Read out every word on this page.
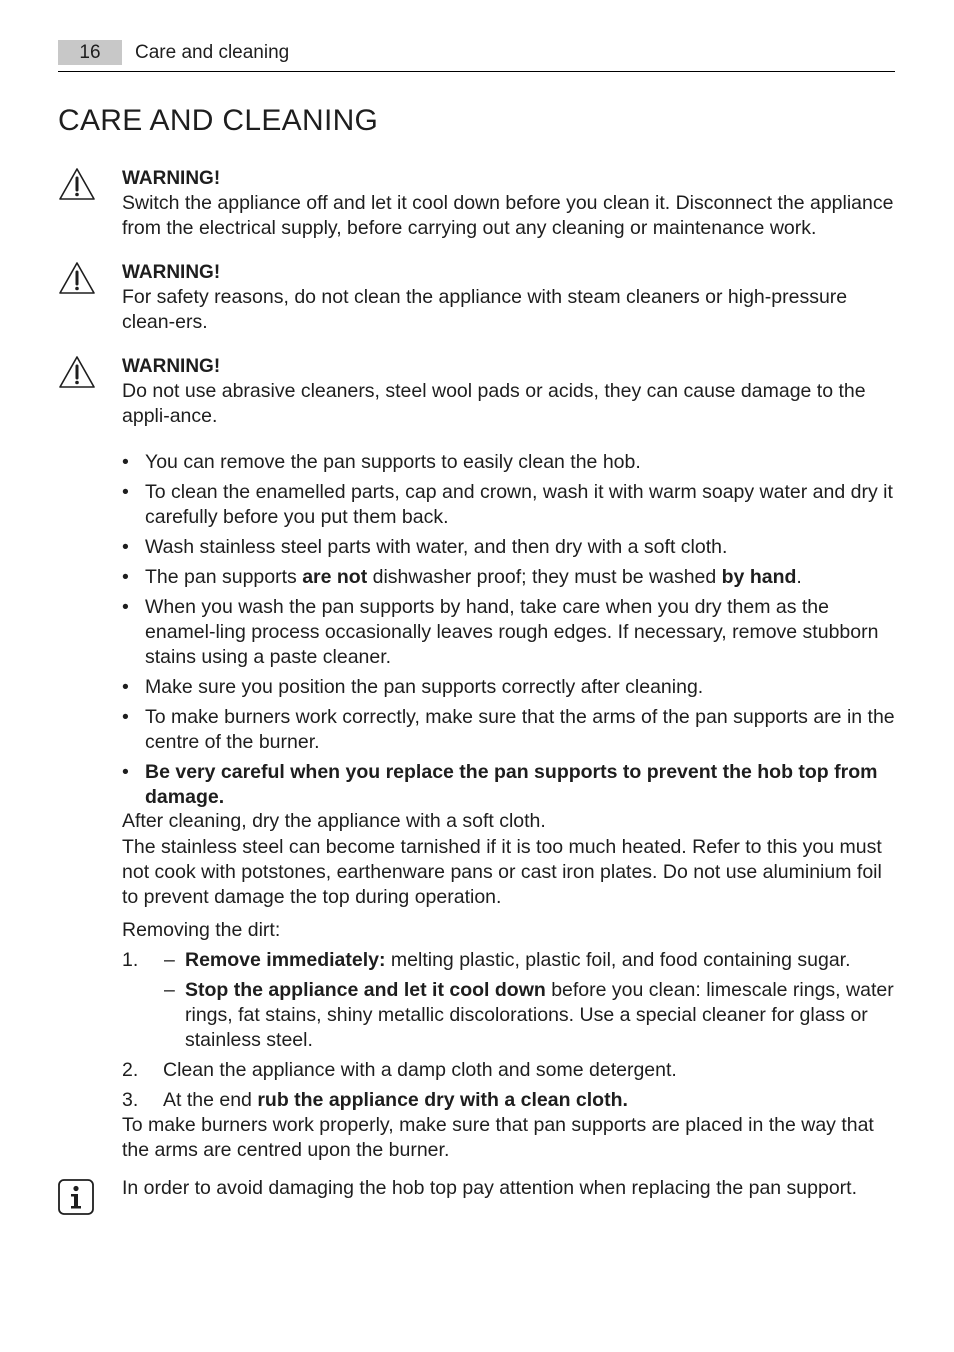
16	Care and cleaning
CARE AND CLEANING
WARNING!
Switch the appliance off and let it cool down before you clean it. Disconnect the appliance from the electrical supply, before carrying out any cleaning or maintenance work.
WARNING!
For safety reasons, do not clean the appliance with steam cleaners or high-pressure clean-ers.
WARNING!
Do not use abrasive cleaners, steel wool pads or acids, they can cause damage to the appli-ance.
• You can remove the pan supports to easily clean the hob.
• To clean the enamelled parts, cap and crown, wash it with warm soapy water and dry it carefully before you put them back.
• Wash stainless steel parts with water, and then dry with a soft cloth.
• The pan supports are not dishwasher proof; they must be washed by hand.
• When you wash the pan supports by hand, take care when you dry them as the enamel-ling process occasionally leaves rough edges. If necessary, remove stubborn stains using a paste cleaner.
• Make sure you position the pan supports correctly after cleaning.
• To make burners work correctly, make sure that the arms of the pan supports are in the centre of the burner.
• Be very careful when you replace the pan supports to prevent the hob top from damage.
After cleaning, dry the appliance with a soft cloth.
The stainless steel can become tarnished if it is too much heated. Refer to this you must not cook with potstones, earthenware pans or cast iron plates. Do not use aluminium foil to prevent damage the top during operation.
Removing the dirt:
1. – Remove immediately: melting plastic, plastic foil, and food containing sugar.
– Stop the appliance and let it cool down before you clean: limescale rings, water rings, fat stains, shiny metallic discolorations. Use a special cleaner for glass or stainless steel.
2.	Clean the appliance with a damp cloth and some detergent.
3.	At the end rub the appliance dry with a clean cloth.
To make burners work properly, make sure that pan supports are placed in the way that the arms are centred upon the burner.
In order to avoid damaging the hob top pay attention when replacing the pan support.
